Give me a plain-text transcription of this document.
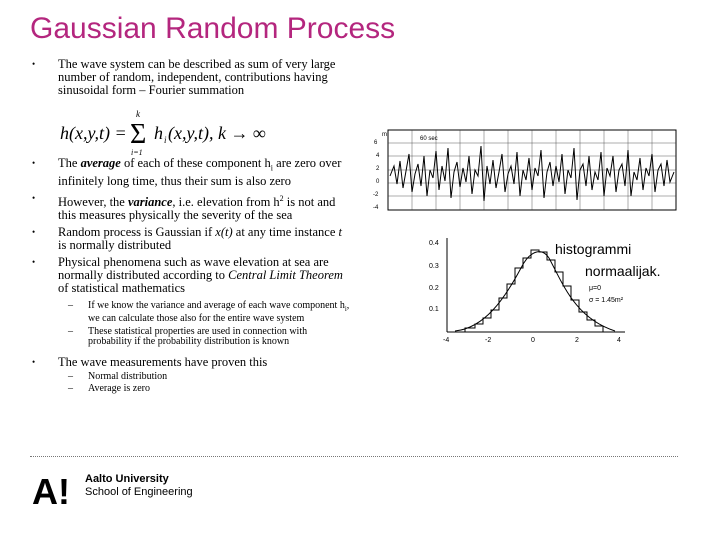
Gaussian Random Process
• The wave system can be described as sum of very large number of random, independent, contributions having sinusoidal form – Fourier summation
• The average of each of these component $h_i$ are zero over infinitely long time, thus their sum is also zero
• However, the variance, i.e. elevation from $h^2$ is not and this measures physically the severity of the sea
• Random process is Gaussian if x(t) at any time instance t is normally distributed
• Physical phenomena such as wave elevation at sea are normally distributed according to Central Limit Theorem of statistical mathematics
– If we know the variance and average of each wave component $h_i$, we can calculate those also for the entire wave system
– These statistical properties are used in connection with probability if the probability distribution is known
• The wave measurements have proven this
– Normal distribution
– Average is zero
h(x,y,t) =
k
Σ
i=1
h i (x,y,t), k → ∞	6
4
2
0
-2
-4
60 sec
m
0.4
0.3
0.2
0.1
-4	-2	0	2	4
histogrammi
normaalijak.
μ=0
σ = 1.45m²
A ! Aalto University
School of Engineering
